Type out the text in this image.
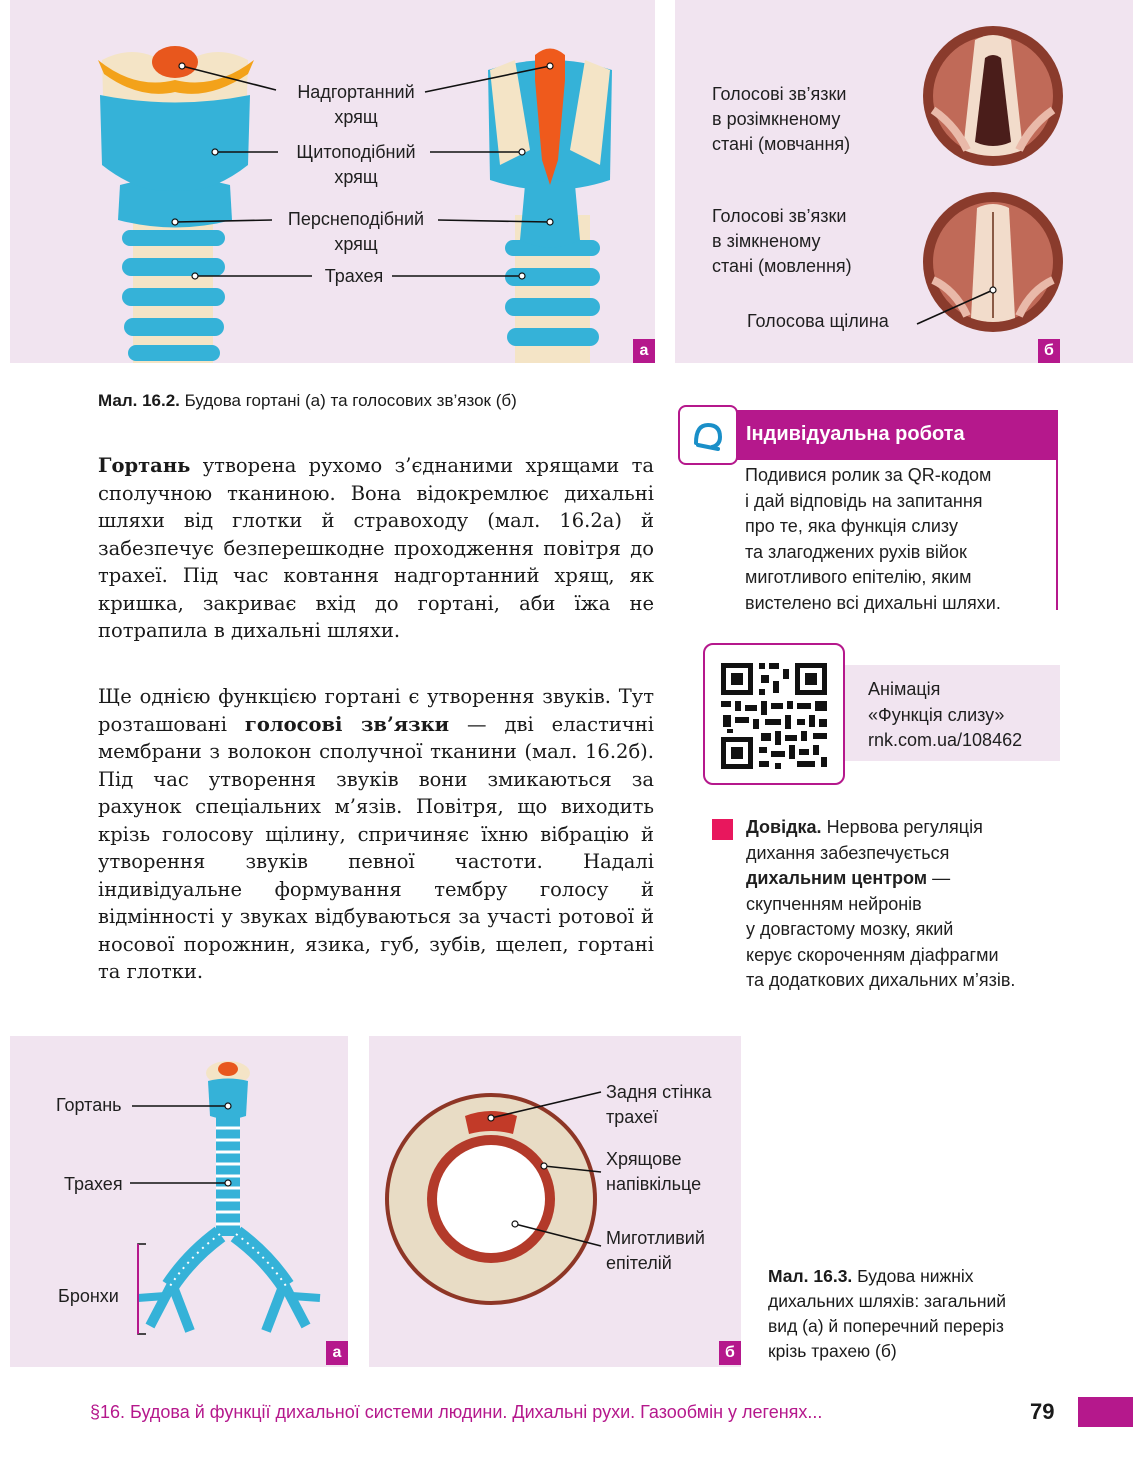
Надгортанний
хрящ
Щитоподібний
хрящ
Перснеподібний
хрящ
Трахея
а
Голосові зв’язки
в розімкненому
стані (мовчання)
Голосові зв’язки
в зімкненому
стані (мовлення)
Голосова щілина
б
Мал. 16.2. Будова гортані (а) та голосових зв’язок (б)

Гортань утворена рухомо з’єднаними хрящами та сполучною тканиною. Вона відокремлює дихальні шляхи від глотки й стравоходу (мал. 16.2а) й забезпечує безперешкодне проходження повітря до трахеї. Під час ковтання надгортанний хрящ, як кришка, закриває вхід до гортані, аби їжа не потрапила в дихальні шляхи.

Ще однією функцією гортані є утворення звуків. Тут розташовані голосові зв’язки — дві еластичні мембрани з волокон сполучної тканини (мал. 16.2б). Під час утворення звуків вони змикаються за рахунок спеціальних м’язів. Повітря, що виходить крізь голосову щілину, спричиняє їхню вібрацію й утворення звуків певної частоти. Надалі індивідуальне формування тембру голосу й відмінності у звуках відбуваються за участі ротової й носової порожнин, язика, губ, зубів, щелеп, гортані та глотки.

Індивідуальна робота
Подивися ролик за QR-кодом
і дай відповідь на запитання
про те, яка функція слизу
та злагоджених рухів війок
миготливого епітелію, яким
вистелено всі дихальні шляхи.
Анімація
«Функція слизу»
rnk.com.ua/108462
Довідка. Нервова регуляція
дихання забезпечується
дихальним центром —
скупченням нейронів
у довгастому мозку, який
керує скороченням діафрагми
та додаткових дихальних м’язів.
Гортань
Трахея
Бронхи
а
Задня стінка
трахеї
Хрящове
напівкільце
Миготливий
епітелій
б
Мал. 16.3. Будова нижніх
дихальних шляхів: загальний
вид (а) й поперечний переріз
крізь трахею (б)
§16. Будова й функції дихальної системи людини. Дихальні рухи. Газообмін у легенях...	79
